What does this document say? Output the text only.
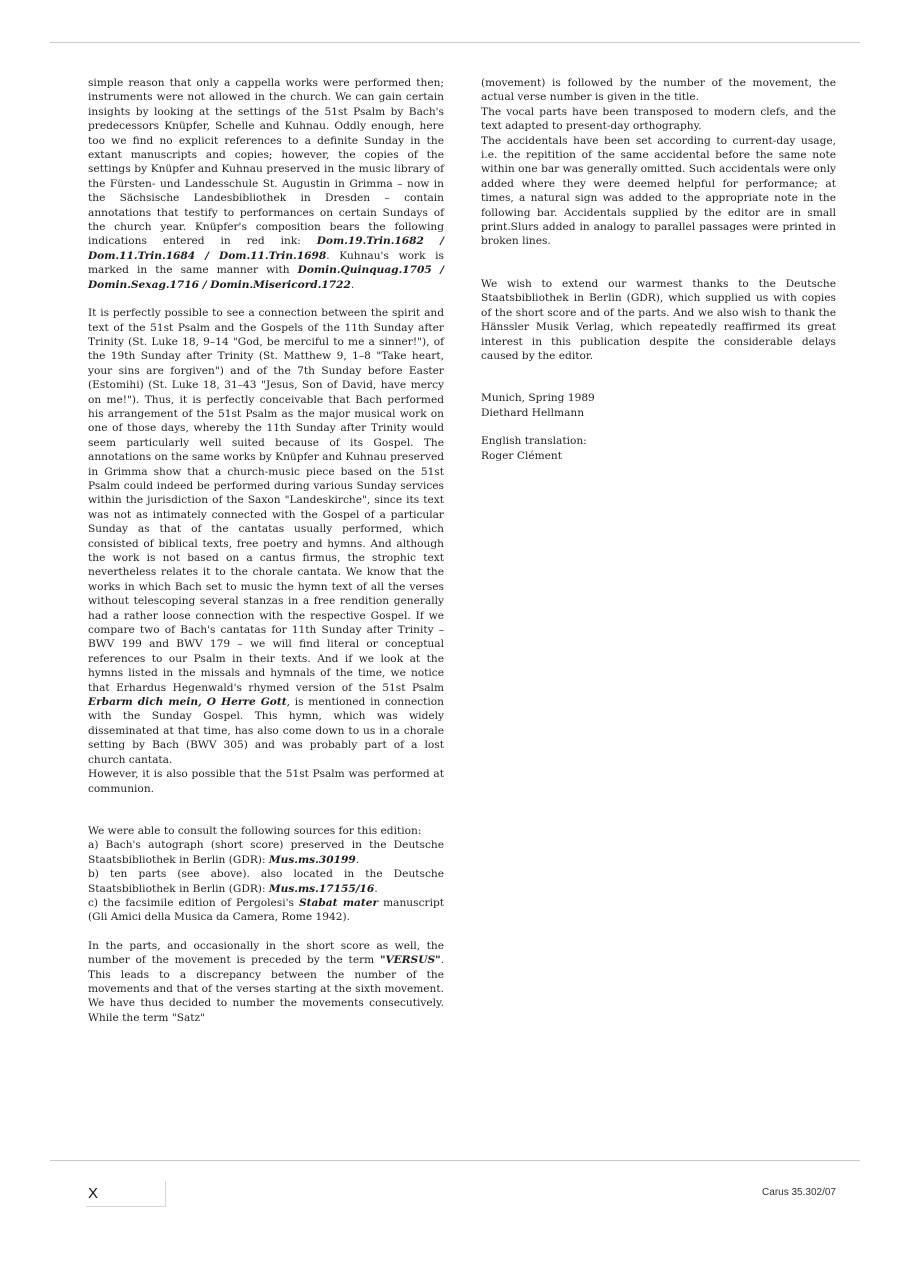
simple reason that only a cappella works were performed then; instruments were not allowed in the church. We can gain certain insights by looking at the settings of the 51st Psalm by Bach's predecessors Knüpfer, Schelle and Kuhnau. Oddly enough, here too we find no explicit references to a definite Sunday in the extant manuscripts and copies; however, the copies of the settings by Knüpfer and Kuhnau preserved in the music library of the Fürsten- und Landesschule St. Augustin in Grimma – now in the Sächsische Landesbibliothek in Dresden – contain annotations that testify to performances on certain Sundays of the church year. Knüpfer's composition bears the following indications entered in red ink: Dom.19.Trin.1682 / Dom.11.Trin.1684 / Dom.11.Trin.1698. Kuhnau's work is marked in the same manner with Domin.Quinquag.1705 / Domin.Sexag.1716 / Domin.Misericord.1722.

It is perfectly possible to see a connection between the spirit and text of the 51st Psalm and the Gospels of the 11th Sunday after Trinity (St. Luke 18, 9–14 "God, be merciful to me a sinner!"), of the 19th Sunday after Trinity (St. Matthew 9, 1–8 "Take heart, your sins are forgiven") and of the 7th Sunday before Easter (Estomihi) (St. Luke 18, 31–43 "Jesus, Son of David, have mercy on me!"). Thus, it is perfectly conceivable that Bach performed his arrangement of the 51st Psalm as the major musical work on one of those days, whereby the 11th Sunday after Trinity would seem particularly well suited because of its Gospel. The annotations on the same works by Knüpfer and Kuhnau preserved in Grimma show that a church-music piece based on the 51st Psalm could indeed be performed during various Sunday services within the jurisdiction of the Saxon "Landeskirche", since its text was not as intimately connected with the Gospel of a particular Sunday as that of the cantatas usually performed, which consisted of biblical texts, free poetry and hymns. And although the work is not based on a cantus firmus, the strophic text nevertheless relates it to the chorale cantata. We know that the works in which Bach set to music the hymn text of all the verses without telescoping several stanzas in a free rendition generally had a rather loose connection with the respective Gospel. If we compare two of Bach's cantatas for 11th Sunday after Trinity – BWV 199 and BWV 179 – we will find literal or conceptual references to our Psalm in their texts. And if we look at the hymns listed in the missals and hymnals of the time, we notice that Erhardus Hegenwald's rhymed version of the 51st Psalm Erbarm dich mein, O Herre Gott, is mentioned in connection with the Sunday Gospel. This hymn, which was widely disseminated at that time, has also come down to us in a chorale setting by Bach (BWV 305) and was probably part of a lost church cantata.

However, it is also possible that the 51st Psalm was performed at communion.

We were able to consult the following sources for this edition:

a) Bach's autograph (short score) preserved in the Deutsche Staatsbibliothek in Berlin (GDR): Mus.ms.30199.

b) ten parts (see above). also located in the Deutsche Staatsbibliothek in Berlin (GDR): Mus.ms.17155/16.

c) the facsimile edition of Pergolesi's Stabat mater manuscript (Gli Amici della Musica da Camera, Rome 1942).

In the parts, and occasionally in the short score as well, the number of the movement is preceded by the term "VERSUS". This leads to a discrepancy between the number of the movements and that of the verses starting at the sixth movement. We have thus decided to number the movements consecutively. While the term "Satz"

(movement) is followed by the number of the movement, the actual verse number is given in the title.

The vocal parts have been transposed to modern clefs, and the text adapted to present-day orthography.

The accidentals have been set according to current-day usage, i.e. the repitition of the same accidental before the same note within one bar was generally omitted. Such accidentals were only added where they were deemed helpful for performance; at times, a natural sign was added to the appropriate note in the following bar. Accidentals supplied by the editor are in small print.Slurs added in analogy to parallel passages were printed in broken lines.

We wish to extend our warmest thanks to the Deutsche Staatsbibliothek in Berlin (GDR), which supplied us with copies of the short score and of the parts. And we also wish to thank the Hänssler Musik Verlag, which repeatedly reaffirmed its great interest in this publication despite the considerable delays caused by the editor.

Munich, Spring 1989

Diethard Hellmann

English translation:

Roger Clément

X	Carus 35.302/07
